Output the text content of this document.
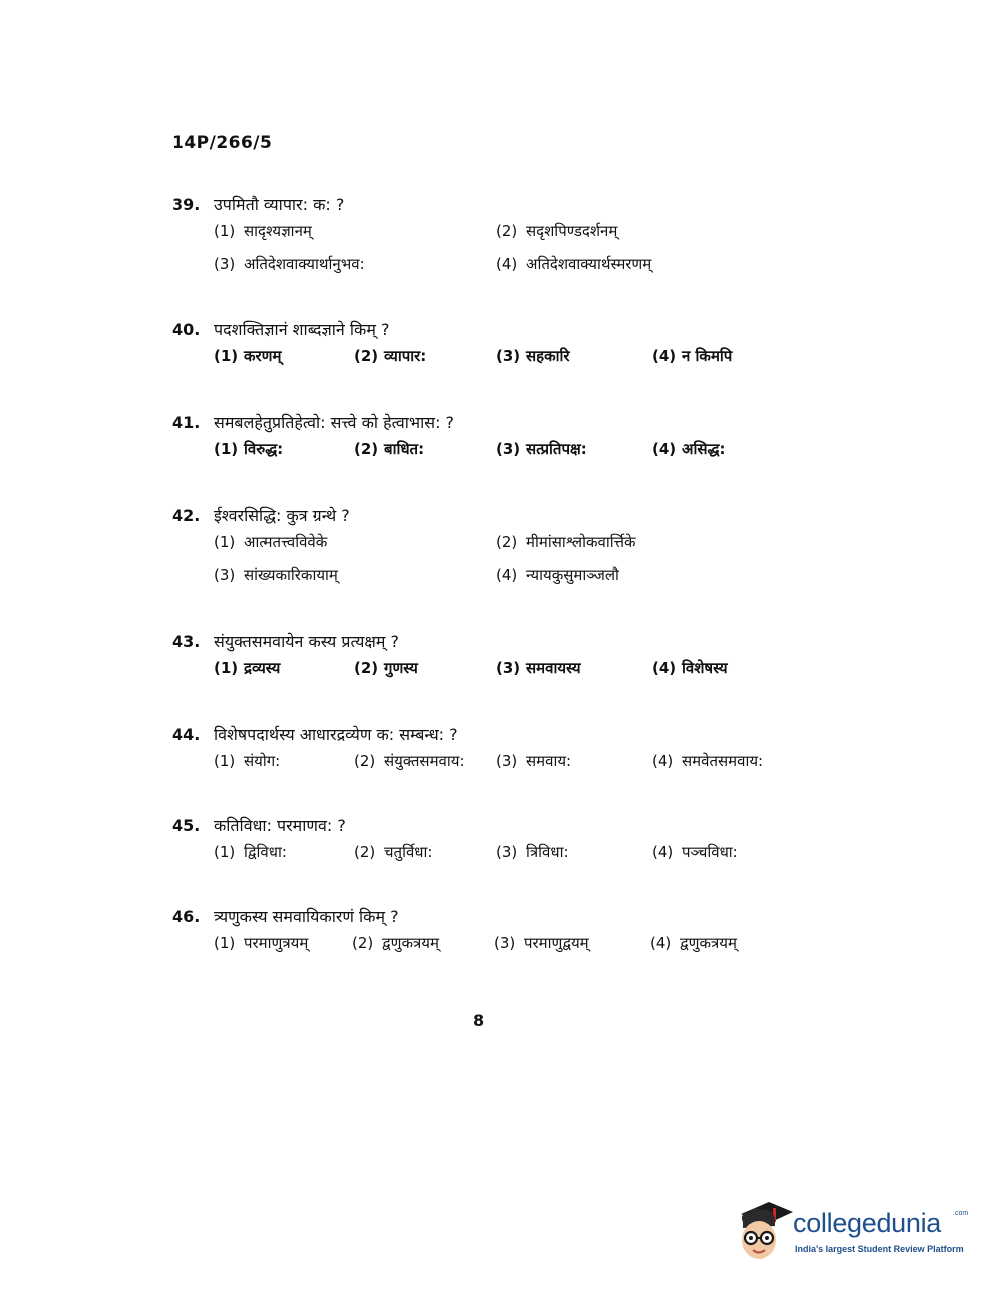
14P/266/5
39. उपमितौ व्यापार: क: ?
(1) सादृश्यज्ञानम्	(2) सदृशपिण्डदर्शनम्
(3) अतिदेशवाक्यार्थानुभव:	(4) अतिदेशवाक्यार्थस्मरणम्
40. पदशक्तिज्ञानं शाब्दज्ञाने किम् ?
(1) करणम्	(2) व्यापार:	(3) सहकारि	(4) न किमपि
41. समबलहेतुप्रतिहेत्वो: सत्त्वे को हेत्वाभास: ?
(1) विरुद्ध:	(2) बाधित:	(3) सत्प्रतिपक्ष:	(4) असिद्ध:
42. ईश्वरसिद्धि: कुत्र ग्रन्थे ?
(1) आत्मतत्त्वविवेके	(2) मीमांसाश्लोकवार्त्तिके
(3) सांख्यकारिकायाम्	(4) न्यायकुसुमाञ्जलौ
43. संयुक्तसमवायेन कस्य प्रत्यक्षम् ?
(1) द्रव्यस्य	(2) गुणस्य	(3) समवायस्य	(4) विशेषस्य
44. विशेषपदार्थस्य आधारद्रव्येण क: सम्बन्ध: ?
(1) संयोग:	(2) संयुक्तसमवाय: (3) समवाय:	(4) समवेतसमवाय:
45. कतिविधा: परमाणव: ?
(1) द्विविधा:	(2) चतुर्विधा:	(3) त्रिविधा:	(4) पञ्चविधा:
46. त्र्यणुकस्य समवायिकारणं किम् ?
(1) परमाणुत्रयम्	(2) द्वणुकत्रयम्	(3) परमाणुद्वयम्	(4) द्वणुकत्रयम्
8
collegedunia .com
India's largest Student Review Platform
